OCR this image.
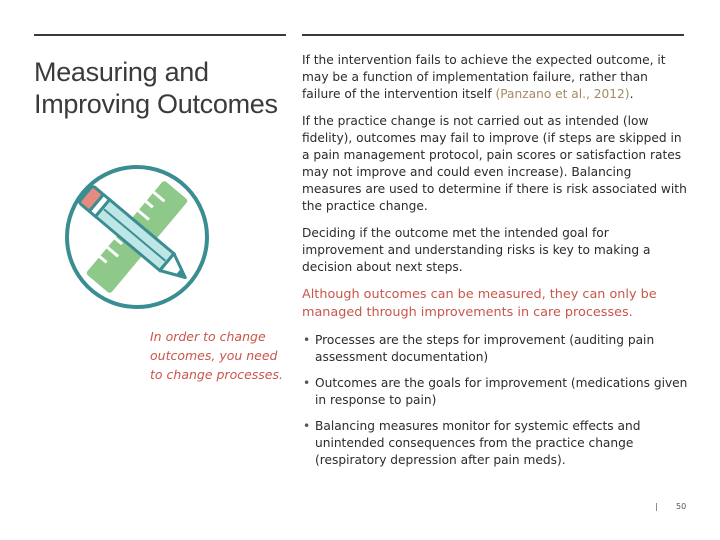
Measuring and Improving Outcomes
In order to change outcomes, you need to change processes.

If the intervention fails to achieve the expected outcome, it may be a function of implementation failure, rather than failure of the intervention itself (Panzano et al., 2012).

If the practice change is not carried out as intended (low fidelity), outcomes may fail to improve (if steps are skipped in a pain management protocol, pain scores or satisfaction rates may not improve and could even increase). Balancing measures are used to determine if there is risk associated with the practice change.

Deciding if the outcome met the intended goal for improvement and understanding risks is key to making a decision about next steps.

Although outcomes can be measured, they can only be managed through improvements in care processes.

• Processes are the steps for improvement (auditing pain assessment documentation)
• Outcomes are the goals for improvement (medications given in response to pain)
• Balancing measures monitor for systemic effects and unintended consequences from the practice change (respiratory depression after pain meds).
| 50
